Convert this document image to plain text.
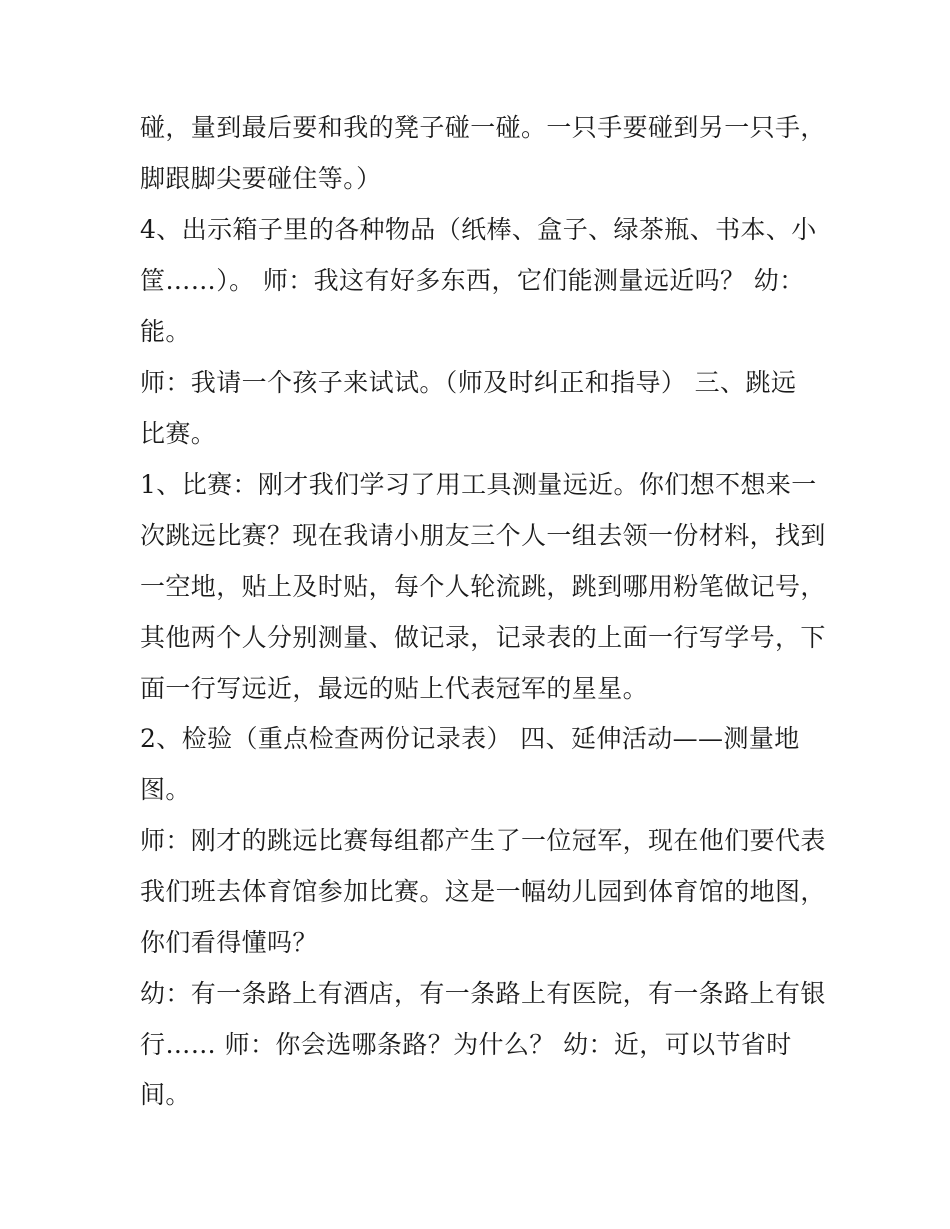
碰，量到最后要和我的凳子碰一碰。一只手要碰到另一只手，
脚跟脚尖要碰住等。）
4、出示箱子里的各种物品（纸棒、盒子、绿茶瓶、书本、小
筐……）。 师：我这有好多东西，它们能测量远近吗？ 幼：
能。
师：我请一个孩子来试试。（师及时纠正和指导） 三、跳远
比赛。
1、比赛：刚才我们学习了用工具测量远近。你们想不想来一
次跳远比赛？现在我请小朋友三个人一组去领一份材料，找到
一空地，贴上及时贴，每个人轮流跳，跳到哪用粉笔做记号，
其他两个人分别测量、做记录，记录表的上面一行写学号，下
面一行写远近，最远的贴上代表冠军的星星。
2、检验（重点检查两份记录表） 四、延伸活动——测量地
图。
师：刚才的跳远比赛每组都产生了一位冠军，现在他们要代表
我们班去体育馆参加比赛。这是一幅幼儿园到体育馆的地图，
你们看得懂吗？
幼：有一条路上有酒店，有一条路上有医院，有一条路上有银
行…… 师：你会选哪条路？为什么？ 幼：近，可以节省时
间。
